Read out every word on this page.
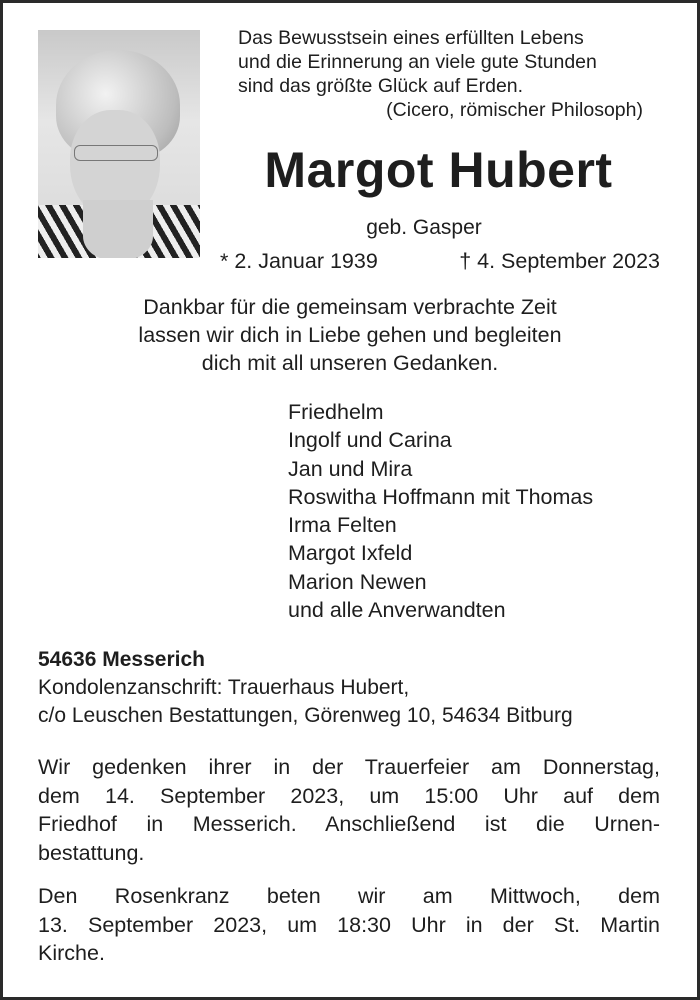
Das Bewusstsein eines erfüllten Lebens
und die Erinnerung an viele gute Stunden
sind das größte Glück auf Erden.
(Cicero, römischer Philosoph)
Margot Hubert
geb. Gasper
* 2. Januar 1939	† 4. September 2023
Dankbar für die gemeinsam verbrachte Zeit
lassen wir dich in Liebe gehen und begleiten
dich mit all unseren Gedanken.
Friedhelm
Ingolf und Carina
Jan und Mira
Roswitha Hoffmann mit Thomas
Irma Felten
Margot Ixfeld
Marion Newen
und alle Anverwandten
54636 Messerich
Kondolenzanschrift: Trauerhaus Hubert,
c/o Leuschen Bestattungen, Görenweg 10, 54634 Bitburg
Wir gedenken ihrer in der Trauerfeier am Donnerstag,
dem 14. September 2023, um 15:00 Uhr auf dem
Friedhof in Messerich. Anschließend ist die Urnen-
bestattung.
Den Rosenkranz beten wir am Mittwoch, dem
13. September 2023, um 18:30 Uhr in der St. Martin
Kirche.
